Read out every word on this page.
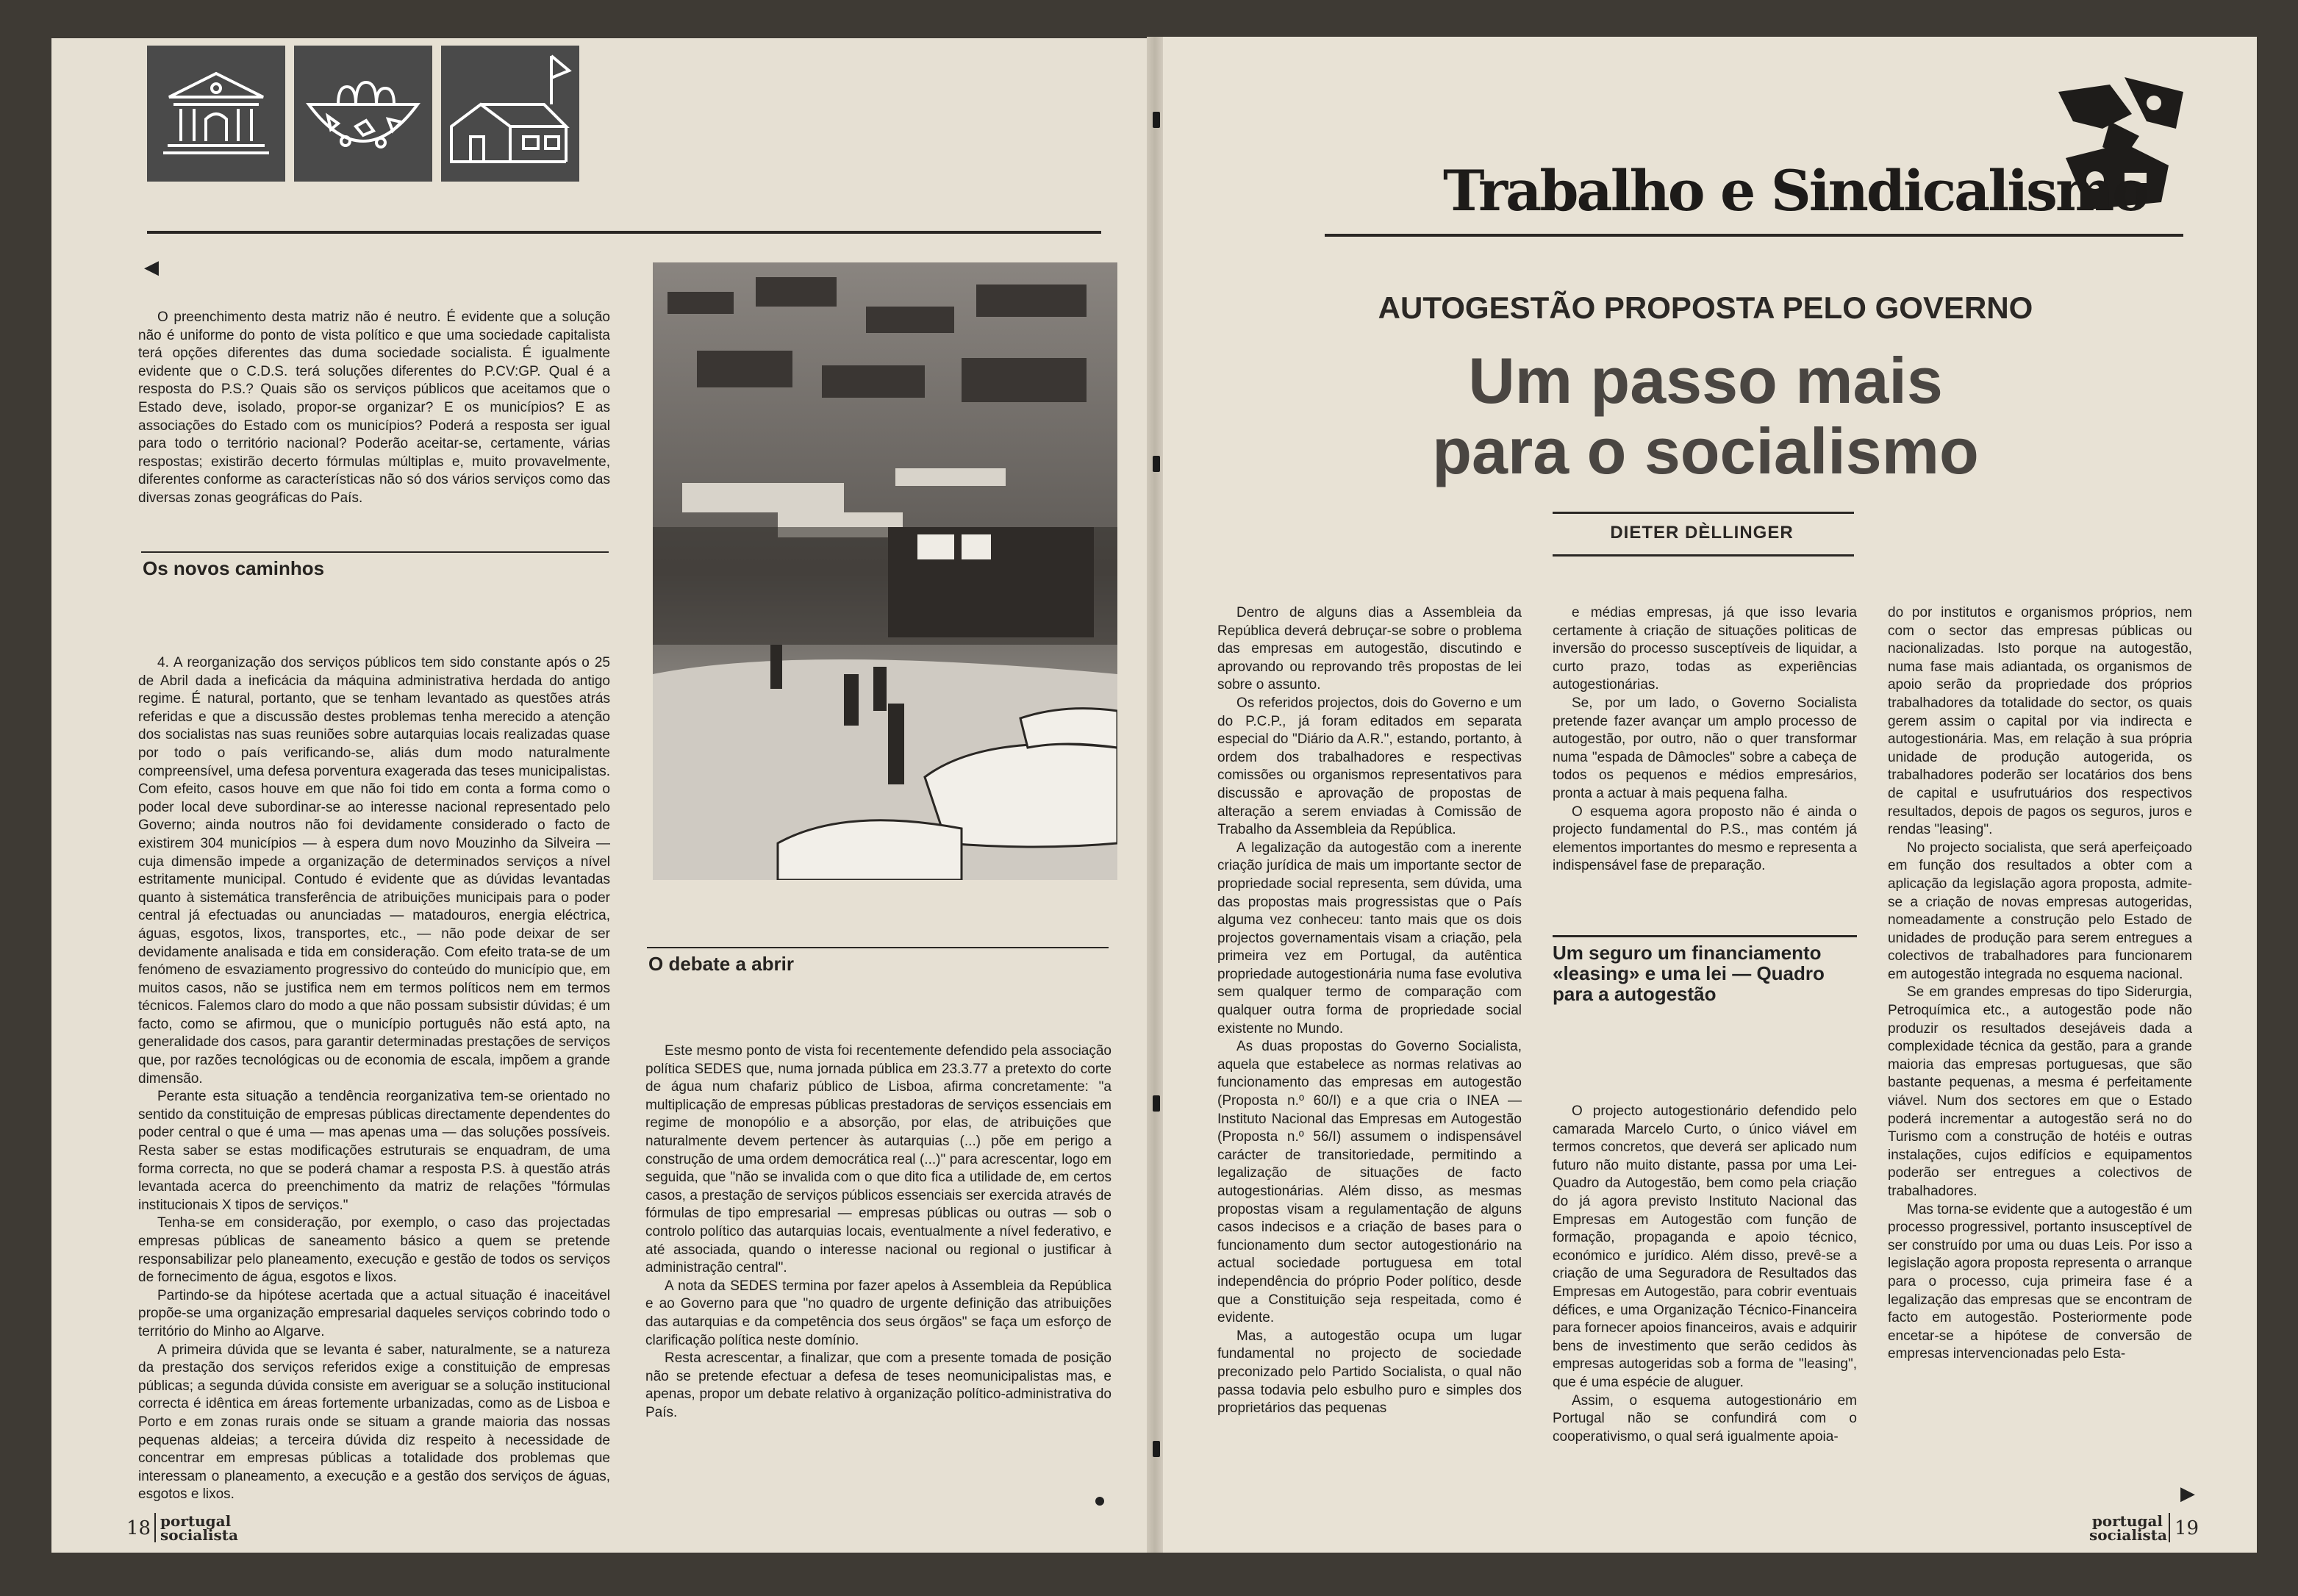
◀

O preenchimento desta matriz não é neutro. É evidente que a solução não é uniforme do ponto de vista político e que uma sociedade capitalista terá opções diferentes das duma sociedade socialista. É igualmente evidente que o C.D.S. terá soluções diferentes do P.CV:GP. Qual é a resposta do P.S.? Quais são os serviços públicos que aceitamos que o Estado deve, isolado, propor-se organizar? E os municípios? E as associações do Estado com os municípios? Poderá a resposta ser igual para todo o território nacional? Poderão aceitar-se, certamente, várias respostas; existirão decerto fórmulas múltiplas e, muito provavelmente, diferentes conforme as características não só dos vários serviços como das diversas zonas geográficas do País.

Os novos caminhos

4. A reorganização dos serviços públicos tem sido constante após o 25 de Abril dada a ineficácia da máquina administrativa herdada do antigo regime. É natural, portanto, que se tenham levantado as questões atrás referidas e que a discussão destes problemas tenha merecido a atenção dos socialistas nas suas reuniões sobre autarquias locais realizadas quase por todo o país verificando-se, aliás dum modo naturalmente compreensível, uma defesa porventura exagerada das teses municipalistas. Com efeito, casos houve em que não foi tido em conta a forma como o poder local deve subordinar-se ao interesse nacional representado pelo Governo; ainda noutros não foi devidamente considerado o facto de existirem 304 municípios — à espera dum novo Mouzinho da Silveira — cuja dimensão impede a organização de determinados serviços a nível estritamente municipal. Contudo é evidente que as dúvidas levantadas quanto à sistemática transferência de atribuições municipais para o poder central já efectuadas ou anunciadas — matadouros, energia eléctrica, águas, esgotos, lixos, transportes, etc., — não pode deixar de ser devidamente analisada e tida em consideração. Com efeito trata-se de um fenómeno de esvaziamento progressivo do conteúdo do município que, em muitos casos, não se justifica nem em termos políticos nem em termos técnicos. Falemos claro do modo a que não possam subsistir dúvidas; é um facto, como se afirmou, que o município português não está apto, na generalidade dos casos, para garantir determinadas prestações de serviços que, por razões tecnológicas ou de economia de escala, impõem a grande dimensão.

Perante esta situação a tendência reorganizativa tem-se orientado no sentido da constituição de empresas públicas directamente dependentes do poder central o que é uma — mas apenas uma — das soluções possíveis. Resta saber se estas modificações estruturais se enquadram, de uma forma correcta, no que se poderá chamar a resposta P.S. à questão atrás levantada acerca do preenchimento da matriz de relações "fórmulas institucionais X tipos de serviços."

Tenha-se em consideração, por exemplo, o caso das projectadas empresas públicas de saneamento básico a quem se pretende responsabilizar pelo planeamento, execução e gestão de todos os serviços de fornecimento de água, esgotos e lixos.

Partindo-se da hipótese acertada que a actual situação é inaceitável propõe-se uma organização empresarial daqueles serviços cobrindo todo o território do Minho ao Algarve.

A primeira dúvida que se levanta é saber, naturalmente, se a natureza da prestação dos serviços referidos exige a constituição de empresas públicas; a segunda dúvida consiste em averiguar se a solução institucional correcta é idêntica em áreas fortemente urbanizadas, como as de Lisboa e Porto e em zonas rurais onde se situam a grande maioria das nossas pequenas aldeias; a terceira dúvida diz respeito à necessidade de concentrar em empresas públicas a totalidade dos problemas que interessam o planeamento, a execução e a gestão dos serviços de águas, esgotos e lixos.

O debate a abrir

Este mesmo ponto de vista foi recentemente defendido pela associação política SEDES que, numa jornada pública em 23.3.77 a pretexto do corte de água num chafariz público de Lisboa, afirma concretamente: "a multiplicação de empresas públicas prestadoras de serviços essenciais em regime de monopólio e a absorção, por elas, de atribuições que naturalmente devem pertencer às autarquias (...) põe em perigo a construção de uma ordem democrática real (...)" para acrescentar, logo em seguida, que "não se invalida com o que dito fica a utilidade de, em certos casos, a prestação de serviços públicos essenciais ser exercida através de fórmulas de tipo empresarial — empresas públicas ou outras — sob o controlo político das autarquias locais, eventualmente a nível federativo, e até associada, quando o interesse nacional ou regional o justificar à administração central".

A nota da SEDES termina por fazer apelos à Assembleia da República e ao Governo para que "no quadro de urgente definição das atribuições das autarquias e da competência dos seus órgãos" se faça um esforço de clarificação política neste domínio.

Resta acrescentar, a finalizar, que com a presente tomada de posição não se pretende efectuar a defesa de teses neomunicipalistas mas, e apenas, propor um debate relativo à organização político-administrativa do País.

18 portugal
socialista
Trabalho e Sindicalismo
AUTOGESTÃO PROPOSTA PELO GOVERNO
Um passo mais
para o socialismo
DIETER DÈLLINGER

Dentro de alguns dias a Assembleia da República deverá debruçar-se sobre o problema das empresas em autogestão, discutindo e aprovando ou reprovando três propostas de lei sobre o assunto.

Os referidos projectos, dois do Governo e um do P.C.P., já foram editados em separata especial do "Diário da A.R.", estando, portanto, à ordem dos trabalhadores e respectivas comissões ou organismos representativos para discussão e aprovação de propostas de alteração a serem enviadas à Comissão de Trabalho da Assembleia da República.

A legalização da autogestão com a inerente criação jurídica de mais um importante sector de propriedade social representa, sem dúvida, uma das propostas mais progressistas que o País alguma vez conheceu: tanto mais que os dois projectos governamentais visam a criação, pela primeira vez em Portugal, da autêntica propriedade autogestionária numa fase evolutiva sem qualquer termo de comparação com qualquer outra forma de propriedade social existente no Mundo.

As duas propostas do Governo Socialista, aquela que estabelece as normas relativas ao funcionamento das empresas em autogestão (Proposta n.º 60/I) e a que cria o INEA — Instituto Nacional das Empresas em Autogestão (Proposta n.º 56/I) assumem o indispensável carácter de transitoriedade, permitindo a legalização de situações de facto autogestionárias. Além disso, as mesmas propostas visam a regulamentação de alguns casos indecisos e a criação de bases para o funcionamento dum sector autogestionário na actual sociedade portuguesa em total independência do próprio Poder político, desde que a Constituição seja respeitada, como é evidente.

Mas, a autogestão ocupa um lugar fundamental no projecto de sociedade preconizado pelo Partido Socialista, o qual não passa todavia pelo esbulho puro e simples dos proprietários das pequenas

e médias empresas, já que isso levaria certamente à criação de situações politicas de inversão do processo susceptíveis de liquidar, a curto prazo, todas as experiências autogestionárias.

Se, por um lado, o Governo Socialista pretende fazer avançar um amplo processo de autogestão, por outro, não o quer transformar numa "espada de Dâmocles" sobre a cabeça de todos os pequenos e médios empresários, pronta a actuar à mais pequena falha.

O esquema agora proposto não é ainda o projecto fundamental do P.S., mas contém já elementos importantes do mesmo e representa a indispensável fase de preparação.

Um seguro um financiamento «leasing» e uma lei — Quadro para a autogestão

O projecto autogestionário defendido pelo camarada Marcelo Curto, o único viável em termos concretos, que deverá ser aplicado num futuro não muito distante, passa por uma Lei-Quadro da Autogestão, bem como pela criação do já agora previsto Instituto Nacional das Empresas em Autogestão com função de formação, propaganda e apoio técnico, económico e jurídico. Além disso, prevê-se a criação de uma Seguradora de Resultados das Empresas em Autogestão, para cobrir eventuais défices, e uma Organização Técnico-Financeira para fornecer apoios financeiros, avais e adquirir bens de investimento que serão cedidos às empresas autogeridas sob a forma de "leasing", que é uma espécie de aluguer.

Assim, o esquema autogestionário em Portugal não se confundirá com o cooperativismo, o qual será igualmente apoia-

do por institutos e organismos próprios, nem com o sector das empresas públicas ou nacionalizadas. Isto porque na autogestão, numa fase mais adiantada, os organismos de apoio serão da propriedade dos próprios trabalhadores da totalidade do sector, os quais gerem assim o capital por via indirecta e autogestionária. Mas, em relação à sua própria unidade de produção autogerida, os trabalhadores poderão ser locatários dos bens de capital e usufrutuários dos respectivos resultados, depois de pagos os seguros, juros e rendas "leasing".

No projecto socialista, que será aperfeiçoado em função dos resultados a obter com a aplicação da legislação agora proposta, admite-se a criação de novas empresas autogeridas, nomeadamente a construção pelo Estado de unidades de produção para serem entregues a colectivos de trabalhadores para funcionarem em autogestão integrada no esquema nacional.

Se em grandes empresas do tipo Siderurgia, Petroquímica etc., a autogestão pode não produzir os resultados desejáveis dada a complexidade técnica da gestão, para a grande maioria das empresas portuguesas, que são bastante pequenas, a mesma é perfeitamente viável. Num dos sectores em que o Estado poderá incrementar a autogestão será no do Turismo com a construção de hotéis e outras instalações, cujos edifícios e equipamentos poderão ser entregues a colectivos de trabalhadores.

Mas torna-se evidente que a autogestão é um processo progressivel, portanto insusceptível de ser construído por uma ou duas Leis. Por isso a legislação agora proposta representa o arranque para o processo, cuja primeira fase é a legalização das empresas que se encontram de facto em autogestão. Posteriormente pode encetar-se a hipótese de conversão de empresas intervencionadas pelo Esta-

▶
portugal
socialista 19
